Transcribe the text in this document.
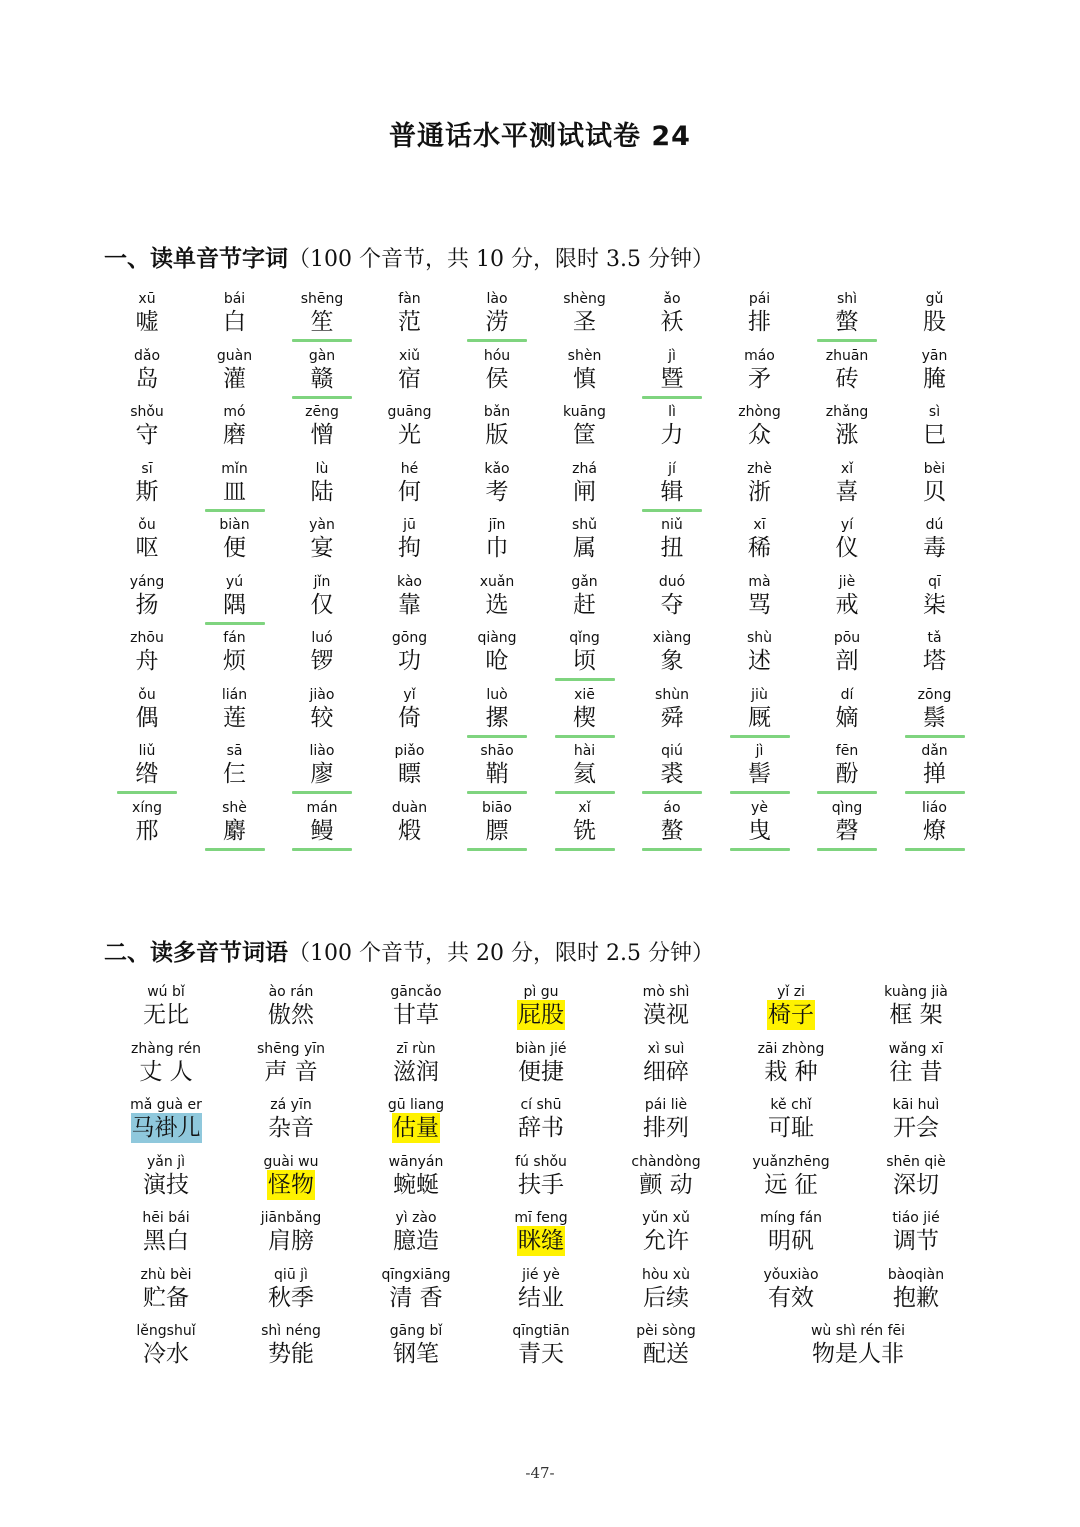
普通话水平测试试卷 24
一、读单音节字词（100 个音节，共 10 分，限时 3.5 分钟）
xū
嘘
bái
白
shēng
笙
fàn
范
lào
涝
shèng
圣
ǎo
袄
pái
排
shì
螫
gǔ
股
dǎo
岛
guàn
灌
gàn
赣
xiǔ
宿
hóu
侯
shèn
慎
jì
暨
máo
矛
zhuān
砖
yān
腌
shǒu
守
mó
磨
zēng
憎
guāng
光
bǎn
版
kuāng
筐
lì
力
zhòng
众
zhǎng
涨
sì
巳
sī
斯
mǐn
皿
lù
陆
hé
何
kǎo
考
zhá
闸
jí
辑
zhè
浙
xǐ
喜
bèi
贝
ǒu
呕
biàn
便
yàn
宴
jū
拘
jīn
巾
shǔ
属
niǔ
扭
xī
稀
yí
仪
dú
毒
yáng
扬
yú
隅
jǐn
仅
kào
靠
xuǎn
选
gǎn
赶
duó
夺
mà
骂
jiè
戒
qī
柒
zhōu
舟
fán
烦
luó
锣
gōng
功
qiàng
呛
qǐng
顷
xiàng
象
shù
述
pōu
剖
tǎ
塔
ǒu
偶
lián
莲
jiào
较
yǐ
倚
luò
摞
xiē
楔
shùn
舜
jiù
厩
dí
嫡
zōng
鬃
liǔ
绺
sā
仨
liào
廖
piǎo
瞟
shāo
鞘
hài
氦
qiú
裘
jì
髻
fēn
酚
dǎn
掸
xíng
邢
shè
麝
mán
鳗
duàn
煅
biāo
膘
xǐ
铣
áo
螯
yè
曳
qìng
磬
liáo
燎
二、读多音节词语（100 个音节，共 20 分，限时 2.5 分钟）
wú bǐ
无比
ào rán
傲然
gāncǎo
甘草
pì gu
屁股
mò shì
漠视
yǐ zi
椅子
kuàng jià
框 架
zhàng rén
丈 人
shēng yīn
声 音
zī rùn
滋润
biàn jié
便捷
xì suì
细碎
zāi zhòng
栽 种
wǎng xī
往 昔
mǎ guà er
马褂儿
zá yīn
杂音
gū liang
估量
cí shū
辞书
pái liè
排列
kě chǐ
可耻
kāi huì
开会
yǎn jì
演技
guài wu
怪物
wānyán
蜿蜒
fú shǒu
扶手
chàndòng
颤 动
yuǎnzhēng
远 征
shēn qiè
深切
hēi bái
黑白
jiānbǎng
肩膀
yì zào
臆造
mī feng
眯缝
yǔn xǔ
允许
míng fán
明矾
tiáo jié
调节
zhù bèi
贮备
qiū jì
秋季
qīngxiāng
清 香
jié yè
结业
hòu xù
后续
yǒuxiào
有效
bàoqiàn
抱歉
lěngshuǐ
冷水
shì néng
势能
gāng bǐ
钢笔
qīngtiān
青天
pèi sòng
配送
wù shì rén fēi
物是人非
-47-
